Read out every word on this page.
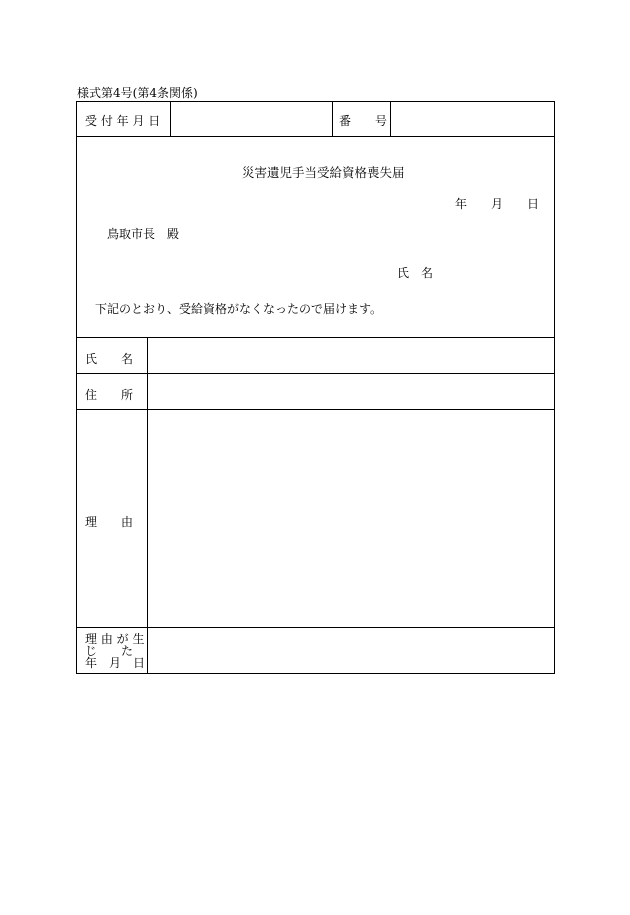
様式第4号(第4条関係)
受 付 年 月 日	番　　号
災害遺児手当受給資格喪失届
年　　月　　日
鳥取市長　殿
氏　名
下記のとおり、受給資格がなくなったので届けます。
氏　　名
住　　所
理　　由
理 由 が 生
じ　　た
年　月　日
